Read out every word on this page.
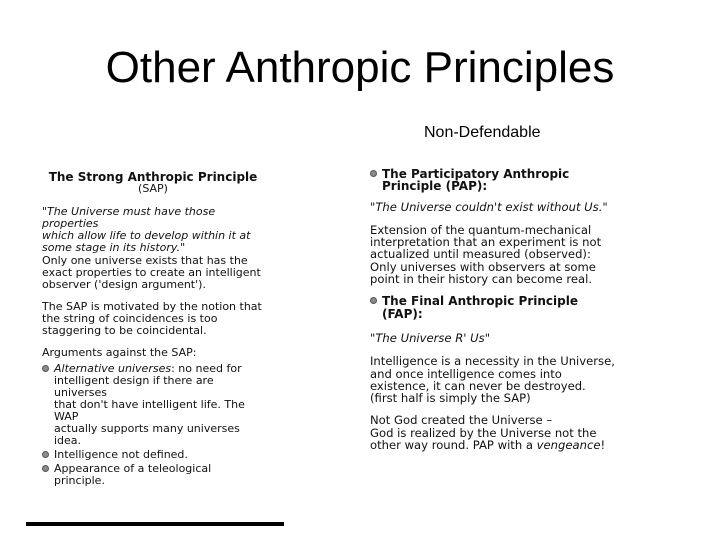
Other Anthropic Principles
Non-Defendable
The Strong Anthropic Principle
(SAP)
"The Universe must have those properties
which allow life to develop within it at
some stage in its history."
Only one universe exists that has the
exact properties to create an intelligent
observer ('design argument').
The SAP is motivated by the notion that
the string of coincidences is too
staggering to be coincidental.
Arguments against the SAP:
Alternative universes: no need for
intelligent design if there are universes
that don't have intelligent life. The WAP
actually supports many universes idea.
Intelligence not defined.
Appearance of a teleological principle.
The Participatory Anthropic
Principle (PAP):
"The Universe couldn't exist without Us."
Extension of the quantum-mechanical
interpretation that an experiment is not
actualized until measured (observed):
Only universes with observers at some
point in their history can become real.
The Final Anthropic Principle (FAP):
"The Universe R' Us"
Intelligence is a necessity in the Universe,
and once intelligence comes into
existence, it can never be destroyed.
(first half is simply the SAP)
Not God created the Universe –
God is realized by the Universe not the
other way round. PAP with a vengeance!
